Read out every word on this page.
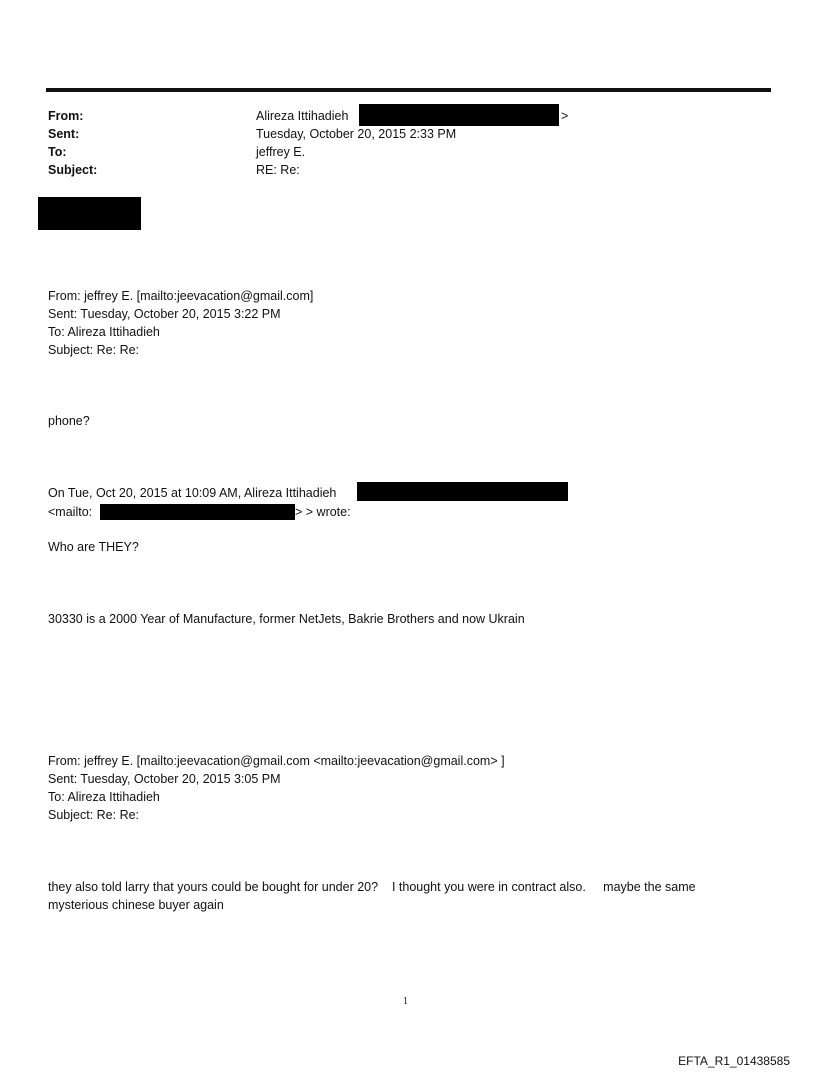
From:	Alireza Ittihadieh	>
Sent:	Tuesday, October 20, 2015 2:33 PM
To:	jeffrey E.
Subject:	RE: Re:
From: jeffrey E. [mailto:jeevacation@gmail.com]
Sent: Tuesday, October 20, 2015 3:22 PM
To: Alireza Ittihadieh
Subject: Re: Re:
phone?
On Tue, Oct 20, 2015 at 10:09 AM, Alireza Ittihadieh
<mailto:	> > wrote:
Who are THEY?
30330 is a 2000 Year of Manufacture, former NetJets, Bakrie Brothers and now Ukrain
From: jeffrey E. [mailto:jeevacation@gmail.com <mailto:jeevacation@gmail.com> ]
Sent: Tuesday, October 20, 2015 3:05 PM
To: Alireza Ittihadieh
Subject: Re: Re:
they also told larry that yours could be bought for under 20?    I thought you were in contract also.     maybe the same
mysterious chinese buyer again
1
EFTA_R1_01438585
